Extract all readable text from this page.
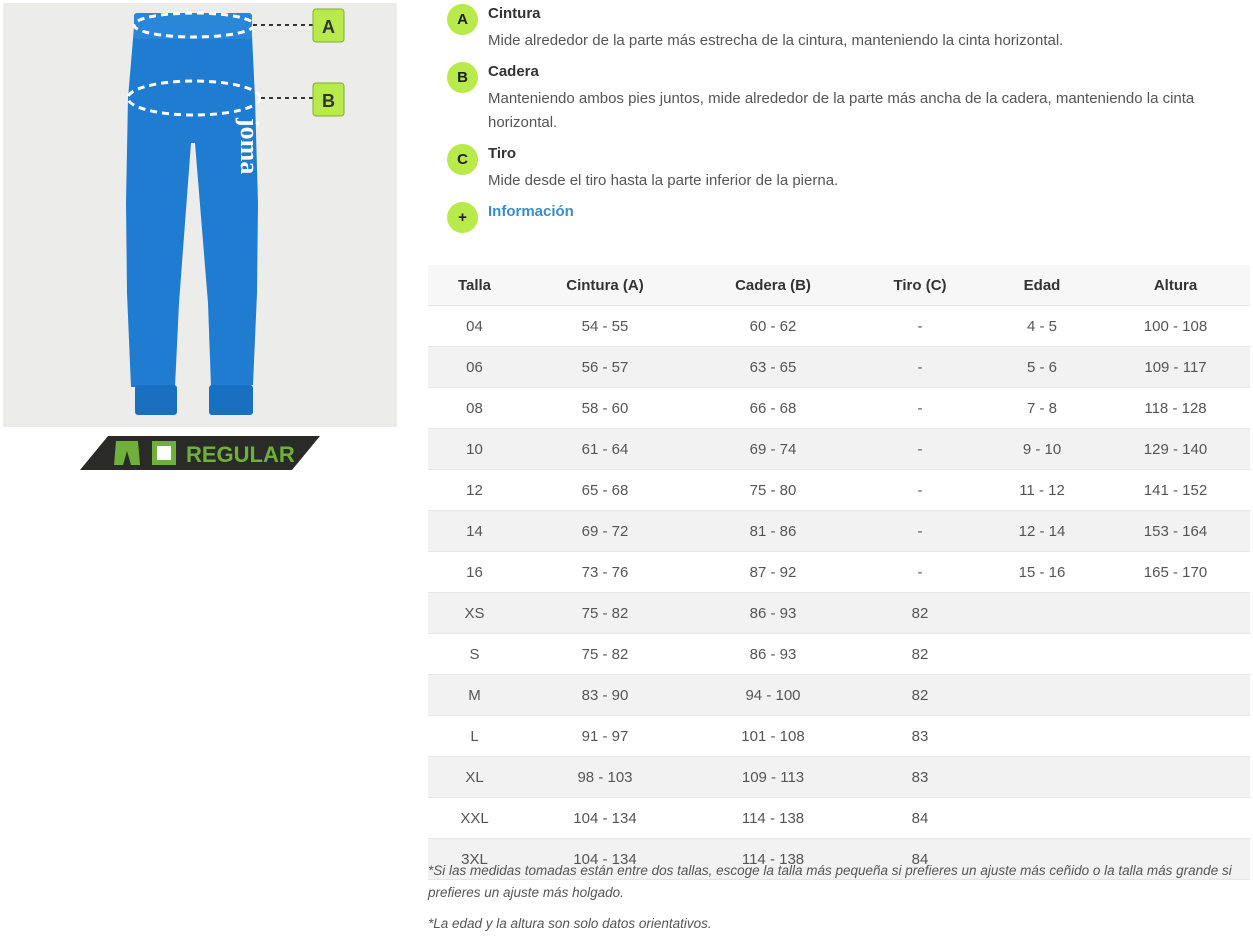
joma
A
B
REGULAR
A	Cintura
Mide alrededor de la parte más estrecha de la cintura, manteniendo la cinta horizontal.
B	Cadera
Manteniendo ambos pies juntos, mide alrededor de la parte más ancha de la cadera, manteniendo la cinta horizontal.
C	Tiro
Mide desde el tiro hasta la parte inferior de la pierna.
+	Información
Talla	Cintura (A)	Cadera (B)	Tiro (C)	Edad	Altura
04	54 - 55	60 - 62	-	4 - 5	100 - 108
06	56 - 57	63 - 65	-	5 - 6	109 - 117
08	58 - 60	66 - 68	-	7 - 8	118 - 128
10	61 - 64	69 - 74	-	9 - 10	129 - 140
12	65 - 68	75 - 80	-	11 - 12	141 - 152
14	69 - 72	81 - 86	-	12 - 14	153 - 164
16	73 - 76	87 - 92	-	15 - 16	165 - 170
XS	75 - 82	86 - 93	82		
S	75 - 82	86 - 93	82		
M	83 - 90	94 - 100	82		
L	91 - 97	101 - 108	83		
XL	98 - 103	109 - 113	83		
XXL	104 - 134	114 - 138	84		
3XL	104 - 134	114 - 138	84		
*Si las medidas tomadas están entre dos tallas, escoge la talla más pequeña si prefieres un ajuste más ceñido o la talla más grande si prefieres un ajuste más holgado.
*La edad y la altura son solo datos orientativos.
